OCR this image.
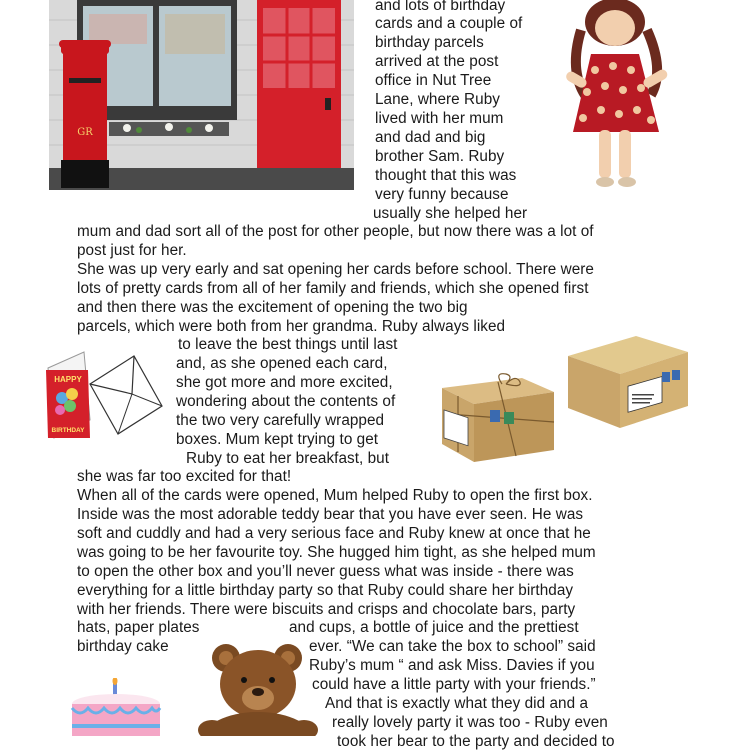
GR
HAPPY
BIRTHDAY
and lots of birthday
cards and a couple of
birthday parcels
arrived at the post
office in Nut Tree
Lane, where Ruby
lived with her mum
and dad and big
brother Sam. Ruby
thought that this was
very funny because
usually she helped her
mum and dad sort all of the post for other people, but now there was a lot of
post just for her.
She was up very early and sat opening her cards before school. There were
lots of pretty cards from all of her family and friends, which she opened first
and then there was the excitement of opening the two big
parcels, which were both from her grandma. Ruby always liked
to leave the best things until last
and, as she opened each card,
she got more and more excited,
wondering about the contents of
the two very carefully wrapped
boxes. Mum kept trying to get
Ruby to eat her breakfast, but
she was far too excited for that!
When all of the cards were opened, Mum helped Ruby to open the first box.
Inside was the most adorable teddy bear that you have ever seen. He was
soft and cuddly and had a very serious face and Ruby knew at once that he
was going to be her favourite toy. She hugged him tight, as she helped mum
to open the other box and you’ll never guess what was inside - there was
everything for a little birthday party so that Ruby could share her birthday
with her friends. There were biscuits and crisps and chocolate bars, party
hats, paper plates	and cups, a bottle of juice and the prettiest
birthday cake	ever. “We can take the box to school” said
Ruby’s mum “ and ask Miss. Davies if you
could have a little party with your friends.”
And that is exactly what they did and a
really lovely party it was too - Ruby even
took her bear to the party and decided to
